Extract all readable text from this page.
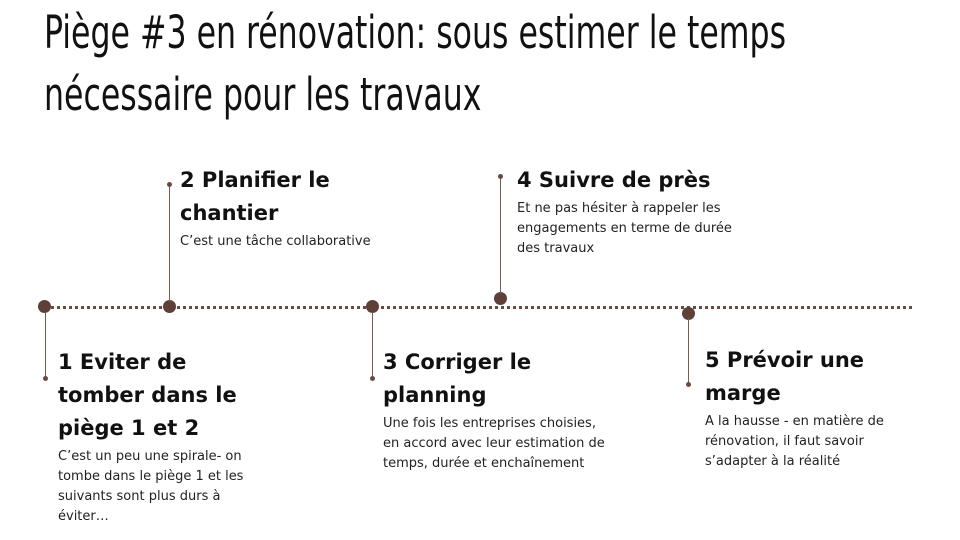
Piège #3 en rénovation: sous estimer le temps
nécessaire pour les travaux

1 Eviter de tomber dans le piège 1 et 2

C’est un peu une spirale- on tombe dans le piège 1 et les suivants sont plus durs à éviter…

2 Planifier le chantier

C’est une tâche collaborative

3 Corriger le planning

Une fois les entreprises choisies, en accord avec leur estimation de temps, durée et enchaînement

4 Suivre de près

Et ne pas hésiter à rappeler les engagements en terme de durée des travaux

5 Prévoir une marge

A la hausse - en matière de rénovation, il faut savoir s’adapter à la réalité
